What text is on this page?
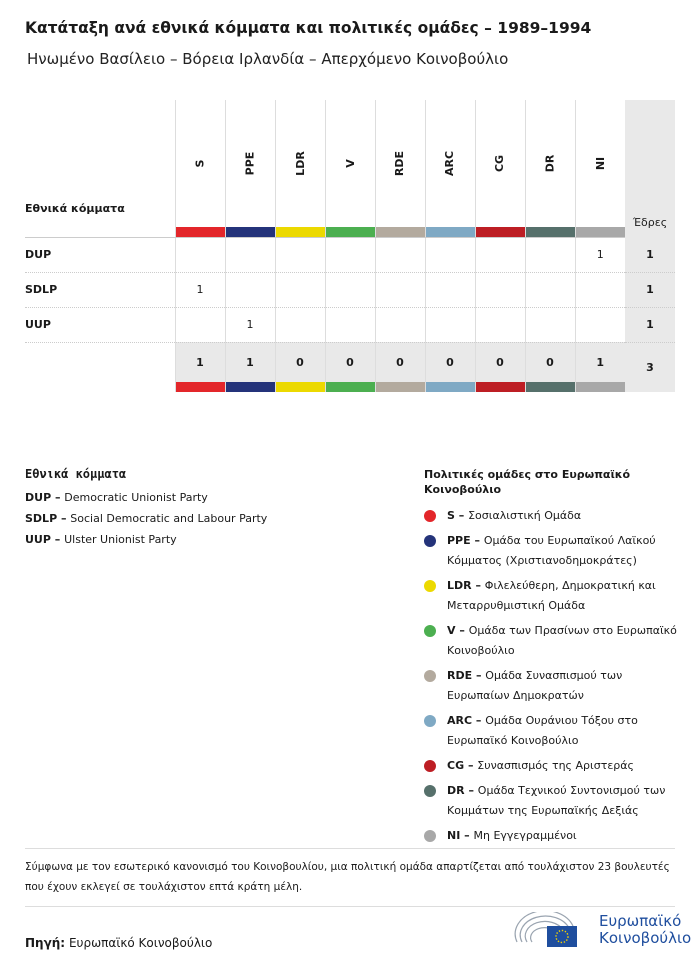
Κατάταξη ανά εθνικά κόμματα και πολιτικές ομάδες – 1989–1994
Ηνωμένο Βασίλειο – Βόρεια Ιρλανδία – Απερχόμενο Κοινοβούλιο
Εθνικά κόμματα	S	PPE	LDR	V	RDE	ARC	CG	DR	NI	Έδρες

DUP									1	1
SDLP	1									1
UUP		1								1
	1	1	0	0	0	0	0	0	1	3

Εθνικά κόμματα
DUP – Democratic Unionist Party
SDLP – Social Democratic and Labour Party
UUP – Ulster Unionist Party
Πολιτικές ομάδες στο Ευρωπαϊκό Κοινοβούλιο
S – Σοσιαλιστική Ομάδα
PPE – Ομάδα του Ευρωπαϊκού Λαϊκού Κόμματος (Χριστιανοδημοκράτες)
LDR – Φιλελεύθερη, Δημοκρατική και Μεταρρυθμιστική Ομάδα
V – Ομάδα των Πρασίνων στο Ευρωπαϊκό Κοινοβούλιο
RDE – Ομάδα Συνασπισμού των Ευρωπαίων Δημοκρατών
ARC – Ομάδα Ουράνιου Τόξου στο Ευρωπαϊκό Κοινοβούλιο
CG – Συνασπισμός της Αριστεράς
DR – Ομάδα Τεχνικού Συντονισμού των Κομμάτων της Ευρωπαϊκής Δεξιάς
NI – Μη Εγγεγραμμένοι
Σύμφωνα με τον εσωτερικό κανονισμό του Κοινοβουλίου, μια πολιτική ομάδα απαρτίζεται από τουλάχιστον 23 βουλευτές που έχουν εκλεγεί σε τουλάχιστον επτά κράτη μέλη.
Πηγή: Ευρωπαϊκό Κοινοβούλιο
Ευρωπαϊκό
Κοινοβούλιο
